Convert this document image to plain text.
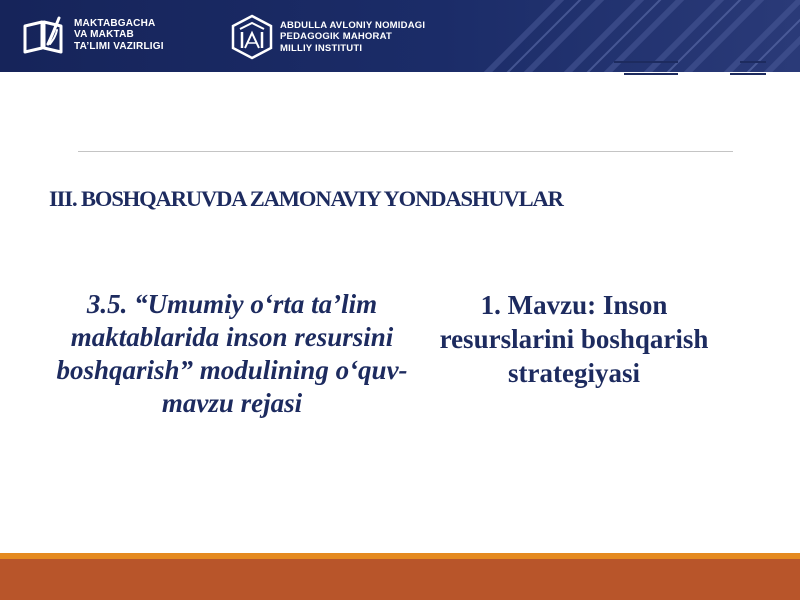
MAKTABGACHA
VA MAKTAB
TA’LIMI VAZIRLIGI
ABDULLA AVLONIY NOMIDAGI
PEDAGOGIK MAHORAT
MILLIY INSTITUTI
III. BOSHQARUVDA ZAMONAVIY YONDASHUVLAR
3.5. “Umumiy o‘rta ta’lim maktablarida inson resursini boshqarish” modulining o‘quv-mavzu rejasi
1. Mavzu: Inson resurslarini boshqarish strategiyasi
